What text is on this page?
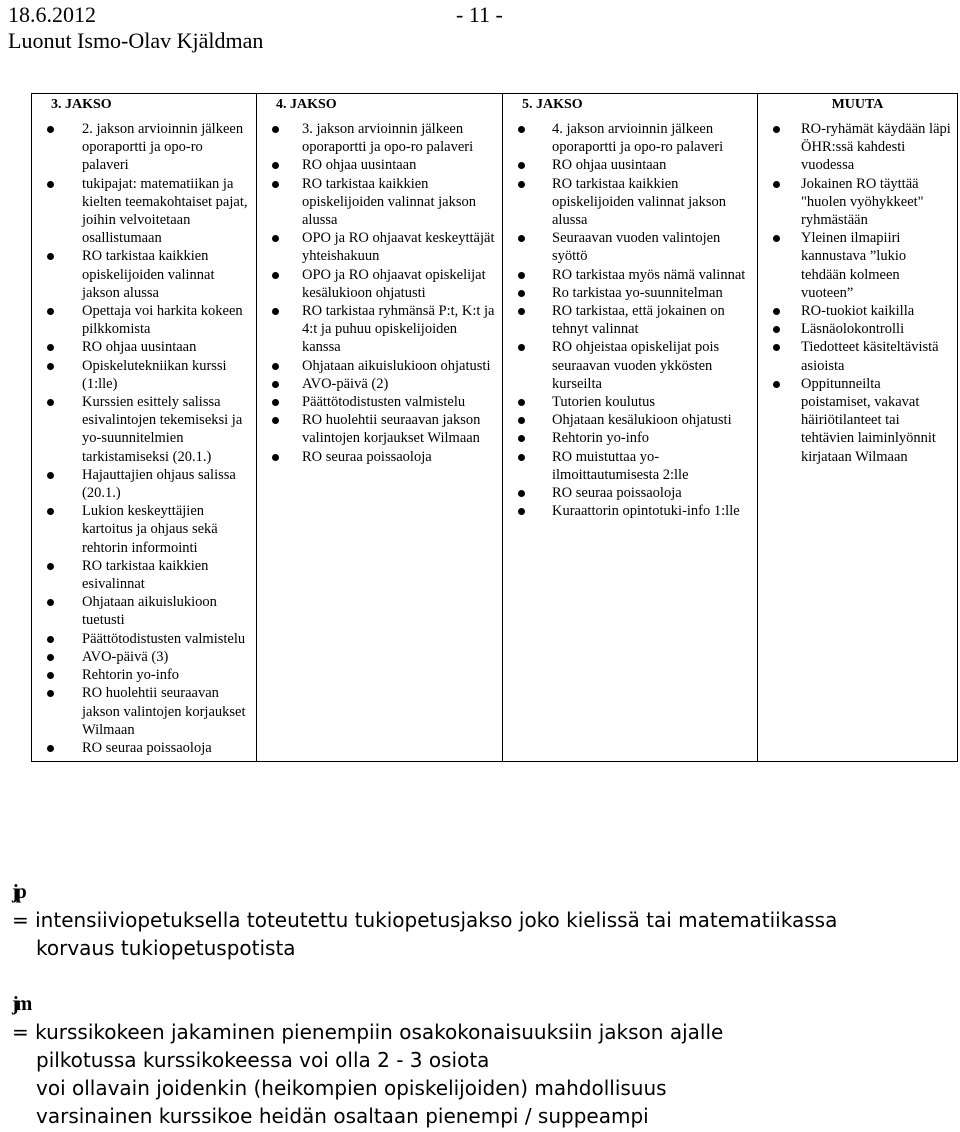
18.6.2012	- 11 -
Luonut Ismo-Olav Kjäldman
3. JAKSO
2. jakson arvioinnin jälkeen oporaportti ja opo-ro palaveri
tukipajat: matematiikan ja kielten teemakohtaiset pajat, joihin velvoitetaan osallistumaan
RO tarkistaa kaikkien opiskelijoiden valinnat jakson alussa
Opettaja voi harkita kokeen pilkkomista
RO ohjaa uusintaan
Opiskelutekniikan kurssi (1:lle)
Kurssien esittely salissa esivalintojen tekemiseksi ja yo-suunnitelmien tarkistamiseksi (20.1.)
Hajauttajien ohjaus salissa (20.1.)
Lukion keskeyttäjien kartoitus ja ohjaus sekä rehtorin informointi
RO tarkistaa kaikkien esivalinnat
Ohjataan aikuislukioon tuetusti
Päättötodistusten valmistelu
AVO-päivä (3)
Rehtorin yo-info
RO huolehtii seuraavan jakson valintojen korjaukset Wilmaan
RO seuraa poissaoloja

4. JAKSO
3. jakson arvioinnin jälkeen oporaportti ja opo-ro palaveri
RO ohjaa uusintaan
RO tarkistaa kaikkien opiskelijoiden valinnat jakson alussa
OPO ja RO ohjaavat keskeyttäjät yhteishakuun
OPO ja RO ohjaavat opiskelijat kesälukioon ohjatusti
RO tarkistaa ryhmänsä P:t, K:t ja 4:t ja puhuu opiskelijoiden kanssa
Ohjataan aikuislukioon ohjatusti
AVO-päivä (2)
Päättötodistusten valmistelu
RO huolehtii seuraavan jakson valintojen korjaukset Wilmaan
RO seuraa poissaoloja

5. JAKSO
4. jakson arvioinnin jälkeen oporaportti ja opo-ro palaveri
RO ohjaa uusintaan
RO tarkistaa kaikkien opiskelijoiden valinnat jakson alussa
Seuraavan vuoden valintojen syöttö
RO tarkistaa myös nämä valinnat
Ro tarkistaa yo-suunnitelman
RO tarkistaa, että jokainen on tehnyt valinnat
RO ohjeistaa opiskelijat pois seuraavan vuoden ykkösten kurseilta
Tutorien koulutus
Ohjataan kesälukioon ohjatusti
Rehtorin yo-info
RO muistuttaa yo-ilmoittautumisesta 2:lle
RO seuraa poissaoloja
Kuraattorin opintotuki-info 1:lle

MUUTA
RO-ryhämät käydään läpi ÖHR:ssä kahdesti vuodessa
Jokainen RO täyttää "huolen vyöhykkeet" ryhmästään
Yleinen ilmapiiri kannustava ”lukio tehdään kolmeen vuoteen”
RO-tuokiot kaikilla
Läsnäolokontrolli
Tiedotteet käsiteltävistä asioista
Oppitunneilta poistamiset, vakavat häiriötilanteet tai tehtävien laiminlyönnit kirjataan Wilmaan
jp
= intensiiviopetuksella toteutettu tukiopetusjakso joko kielissä tai matematiikassa
korvaus tukiopetuspotista
jm
= kurssikokeen jakaminen pienempiin osakokonaisuuksiin jakson ajalle
pilkotussa kurssikokeessa voi olla 2 - 3 osiota
voi ollavain joidenkin (heikompien opiskelijoiden) mahdollisuus
varsinainen kurssikoe heidän osaltaan pienempi / suppeampi
